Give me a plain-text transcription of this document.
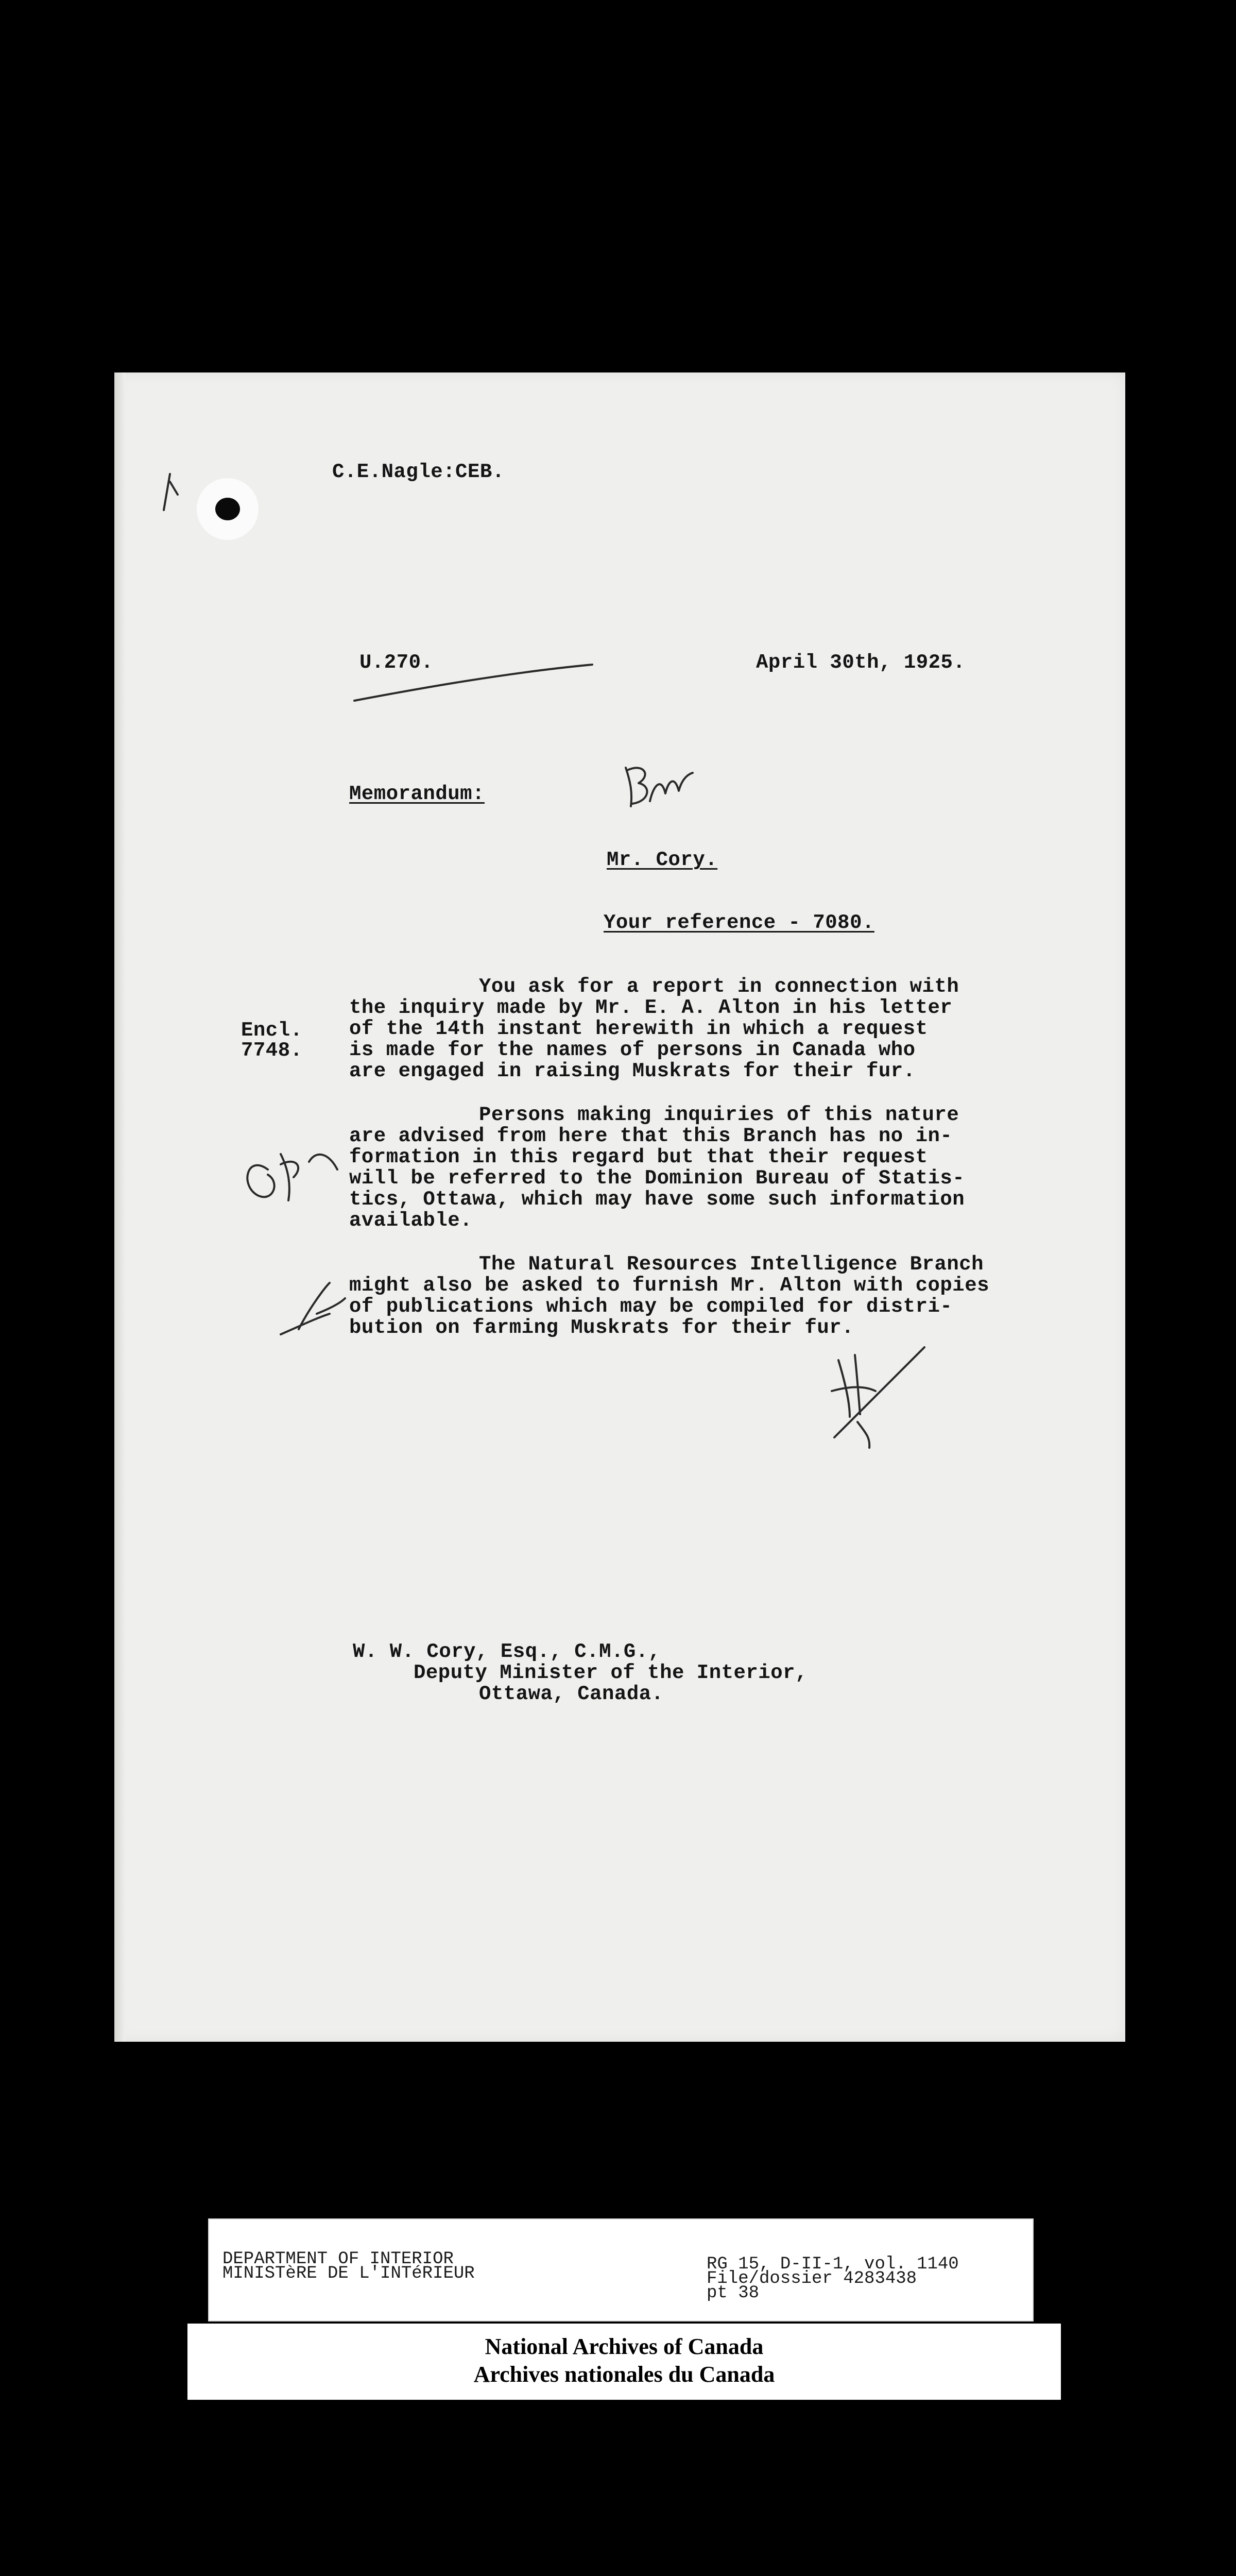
C.E.Nagle:CEB.
U.270.	April 30th, 1925.
Memorandum:
Mr. Cory.
Your reference - 7080.
Encl.
7748.
You ask for a report in connection with
the inquiry made by Mr. E. A. Alton in his letter
of the 14th instant herewith in which a request
is made for the names of persons in Canada who
are engaged in raising Muskrats for their fur.
Persons making inquiries of this nature
are advised from here that this Branch has no in-
formation in this regard but that their request
will be referred to the Dominion Bureau of Statis-
tics, Ottawa, which may have some such information
available.
The Natural Resources Intelligence Branch
might also be asked to furnish Mr. Alton with copies
of publications which may be compiled for distri-
bution on farming Muskrats for their fur.
W. W. Cory, Esq., C.M.G.,
Deputy Minister of the Interior,
Ottawa, Canada.
DEPARTMENT OF INTERIOR
MINISTèRE DE L'INTéRIEUR	RG 15, D-II-1, vol. 1140
File/dossier 4283438
pt 38
National Archives of Canada
Archives nationales du Canada
